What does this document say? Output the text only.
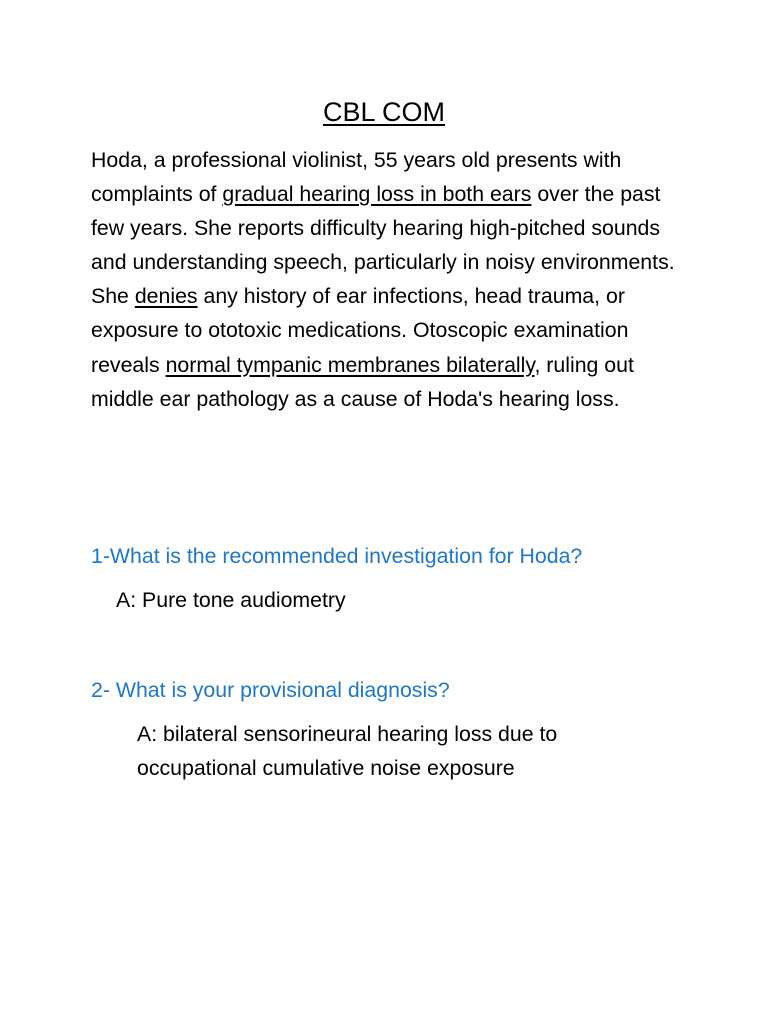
CBL COM

Hoda, a professional violinist, 55 years old presents with complaints of gradual hearing loss in both ears over the past few years. She reports difficulty hearing high-pitched sounds and understanding speech, particularly in noisy environments. She denies any history of ear infections, head trauma, or exposure to ototoxic medications. Otoscopic examination reveals normal tympanic membranes bilaterally, ruling out middle ear pathology as a cause of Hoda's hearing loss.

1-What is the recommended investigation for Hoda?

A: Pure tone audiometry

2- What is your provisional diagnosis?

A: bilateral sensorineural hearing loss due to occupational cumulative noise exposure
